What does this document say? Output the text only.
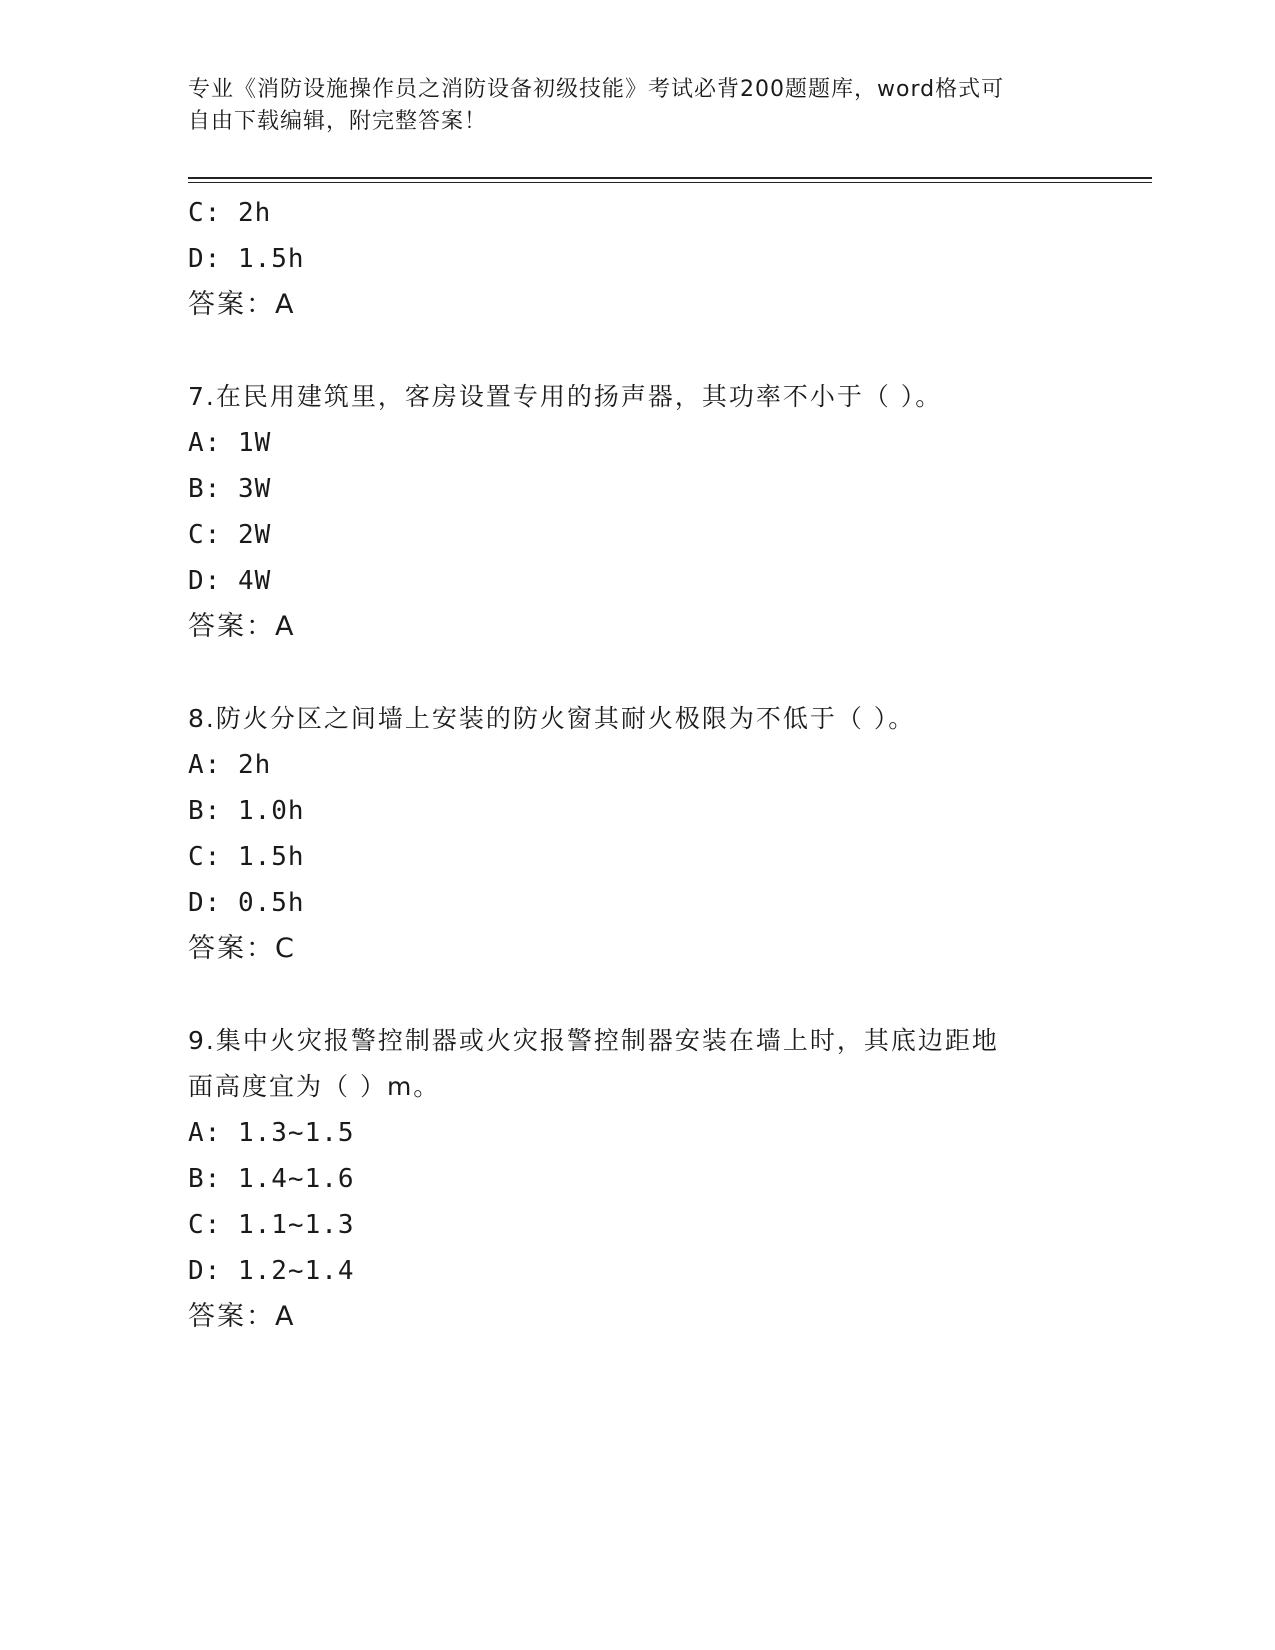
专业《消防设施操作员之消防设备初级技能》考试必背200题题库，word格式可
自由下载编辑，附完整答案！
C: 2h
D: 1.5h
答案：A
7.在民用建筑里，客房设置专用的扬声器，其功率不小于（ ）。
A: 1W
B: 3W
C: 2W
D: 4W
答案：A
8.防火分区之间墙上安装的防火窗其耐火极限为不低于（ ）。
A: 2h
B: 1.0h
C: 1.5h
D: 0.5h
答案：C
9.集中火灾报警控制器或火灾报警控制器安装在墙上时，其底边距地
面高度宜为（ ）m。
A: 1.3~1.5
B: 1.4~1.6
C: 1.1~1.3
D: 1.2~1.4
答案：A
